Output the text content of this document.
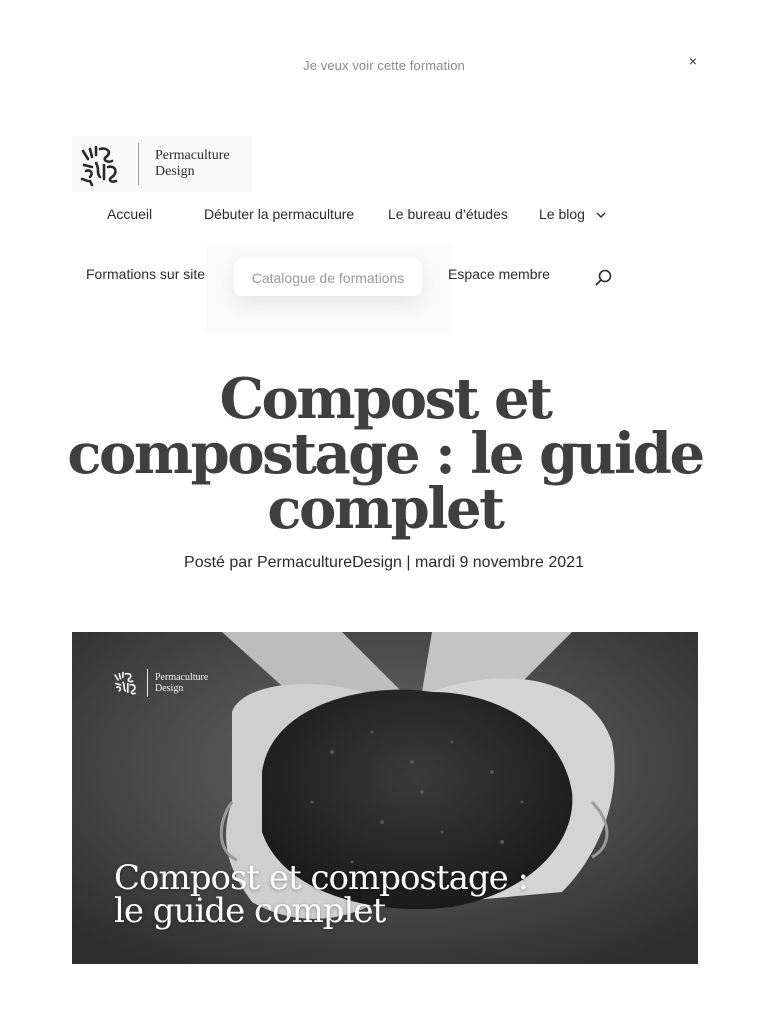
Je veux voir cette formation	×
Permaculture
Design
Accueil	Débuter la permaculture Le bureau d’études Le blog
Formations sur site	Espace membre
Catalogue de formations
Compost et compostage : le guide complet
Posté par PermacultureDesign | mardi 9 novembre 2021
Permaculture
Design
Compost et compostage :
le guide complet
